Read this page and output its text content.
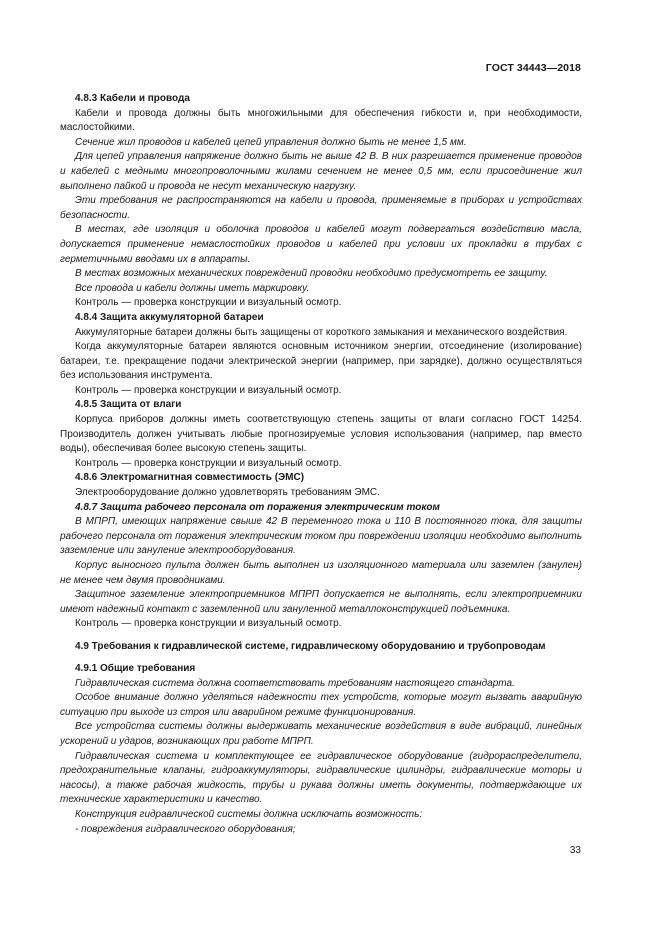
ГОСТ 34443—2018
4.8.3 Кабели и провода
Кабели и провода должны быть многожильными для обеспечения гибкости и, при необходимости, маслостойкими.
Сечение жил проводов и кабелей цепей управления должно быть не менее 1,5 мм.
Для цепей управления напряжение должно быть не выше 42 В. В них разрешается применение проводов и кабелей с медными многопроволочными жилами сечением не менее 0,5 мм, если присоединение жил выполнено пайкой и провода не несут механическую нагрузку.
Эти требования не распространяются на кабели и провода, применяемые в приборах и устройствах безопасности.
В местах, где изоляция и оболочка проводов и кабелей могут подвергаться воздействию масла, допускается применение немаслостойких проводов и кабелей при условии их прокладки в трубах с герметичными вводами их в аппараты.
В местах возможных механических повреждений проводки необходимо предусмотреть ее защиту.
Все провода и кабели должны иметь маркировку.
Контроль — проверка конструкции и визуальный осмотр.
4.8.4 Защита аккумуляторной батареи
Аккумуляторные батареи должны быть защищены от короткого замыкания и механического воздействия.
Когда аккумуляторные батареи являются основным источником энергии, отсоединение (изолирование) батареи, т.е. прекращение подачи электрической энергии (например, при зарядке), должно осуществляться без использования инструмента.
Контроль — проверка конструкции и визуальный осмотр.
4.8.5 Защита от влаги
Корпуса приборов должны иметь соответствующую степень защиты от влаги согласно ГОСТ 14254. Производитель должен учитывать любые прогнозируемые условия использования (например, пар вместо воды), обеспечивая более высокую степень защиты.
Контроль — проверка конструкции и визуальный осмотр.
4.8.6 Электромагнитная совместимость (ЭМС)
Электрооборудование должно удовлетворять требованиям ЭМС.
4.8.7 Защита рабочего персонала от поражения электрическим током
В МПРП, имеющих напряжение свыше 42 В переменного тока и 110 В постоянного тока, для защиты рабочего персонала от поражения электрическим током при повреждении изоляции необходимо выполнить заземление или зануление электрооборудования.
Корпус выносного пульта должен быть выполнен из изоляционного материала или заземлен (занулен) не менее чем двумя проводниками.
Защитное заземление электроприемников МПРП допускается не выполнять, если электроприемники имеют надежный контакт с заземленной или зануленной металлоконструкцией подъемника.
Контроль — проверка конструкции и визуальный осмотр.
4.9 Требования к гидравлической системе, гидравлическому оборудованию и трубопроводам
4.9.1 Общие требования
Гидравлическая система должна соответствовать требованиям настоящего стандарта.
Особое внимание должно уделяться надежности тех устройств, которые могут вызвать аварийную ситуацию при выходе из строя или аварийном режиме функционирования.
Все устройства системы должны выдерживать механические воздействия в виде вибраций, линейных ускорений и ударов, возникающих при работе МПРП.
Гидравлическая система и комплектующее ее гидравлическое оборудование (гидрораспределители, предохранительные клапаны, гидроаккумуляторы, гидравлические цилиндры, гидравлические моторы и насосы), а также рабочая жидкость, трубы и рукава должны иметь документы, подтверждающие их технические характеристики и качество.
Конструкция гидравлической системы должна исключать возможность:
- повреждения гидравлического оборудования;
33
